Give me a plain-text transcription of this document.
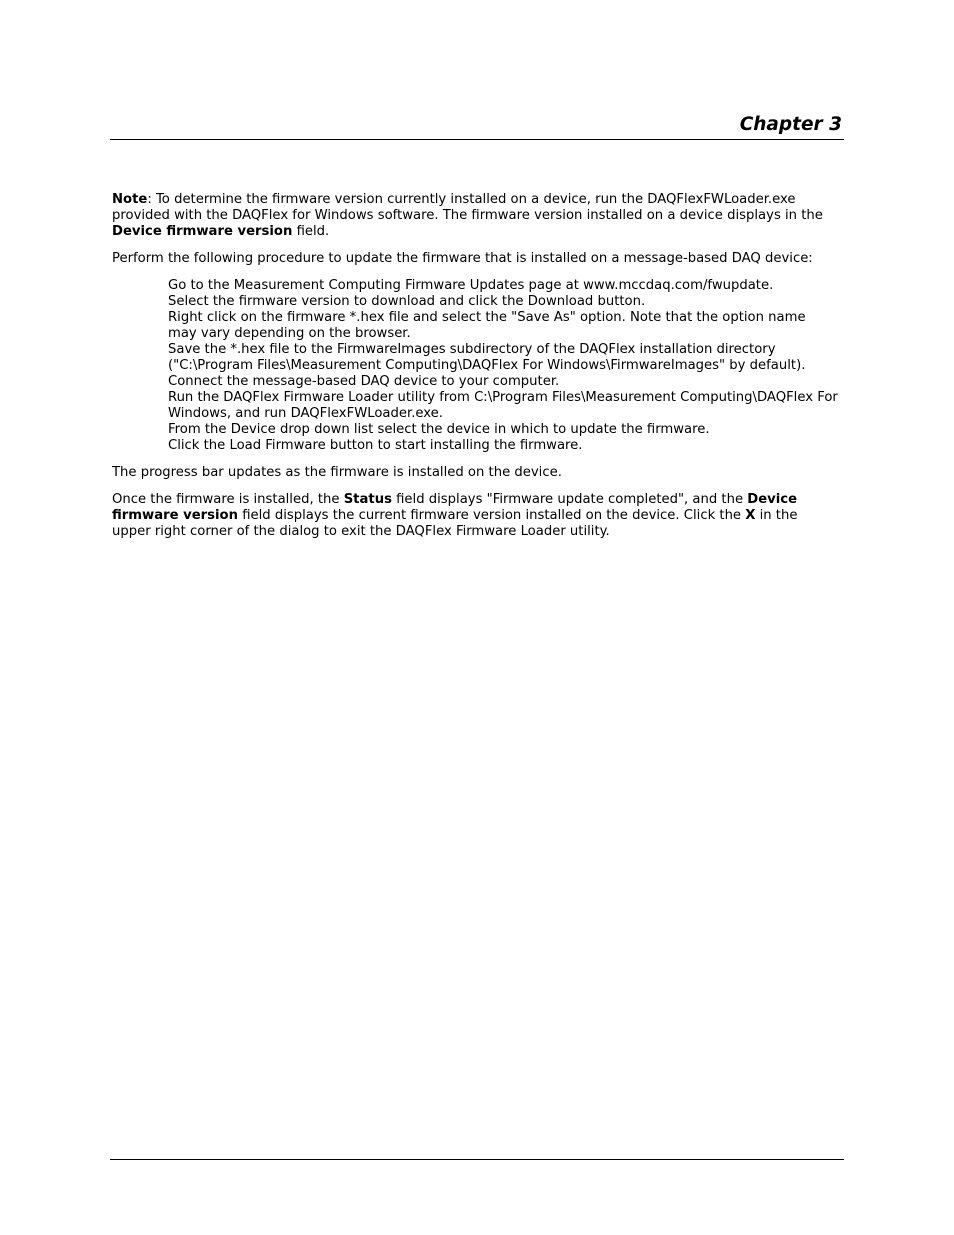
Chapter 3

Note: To determine the firmware version currently installed on a device, run the DAQFlexFWLoader.exe provided with the DAQFlex for Windows software. The firmware version installed on a device displays in the Device firmware version field.

Perform the following procedure to update the firmware that is installed on a message-based DAQ device:

Go to the Measurement Computing Firmware Updates page at www.mccdaq.com/fwupdate.
Select the firmware version to download and click the Download button.
Right click on the firmware *.hex file and select the "Save As" option. Note that the option name may vary depending on the browser.
Save the *.hex file to the FirmwareImages subdirectory of the DAQFlex installation directory ("C:\Program Files\Measurement Computing\DAQFlex For Windows\FirmwareImages" by default).
Connect the message-based DAQ device to your computer.
Run the DAQFlex Firmware Loader utility from C:\Program Files\Measurement Computing\DAQFlex For Windows, and run DAQFlexFWLoader.exe.
From the Device drop down list select the device in which to update the firmware.
Click the Load Firmware button to start installing the firmware.

The progress bar updates as the firmware is installed on the device.

Once the firmware is installed, the Status field displays "Firmware update completed", and the Device firmware version field displays the current firmware version installed on the device. Click the X in the upper right corner of the dialog to exit the DAQFlex Firmware Loader utility.
